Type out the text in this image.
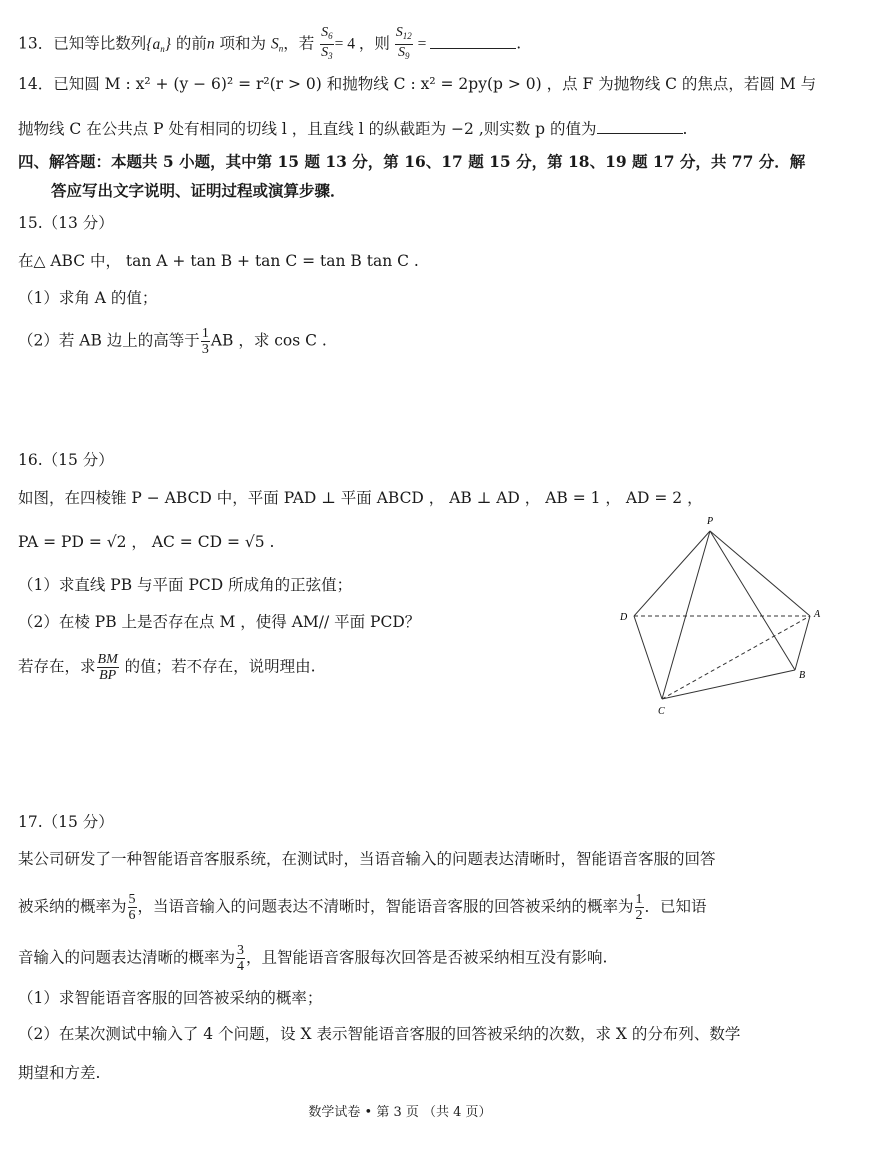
13．已知等比数列$\{a_n\}$ 的前n 项和为 $S_n$，若 $\frac{S_6}{S_3} = 4$ ，则 $\frac{S_{12}}{S_9}$ =	.
14．已知圆 M : x² + (y − 6)² = r²(r > 0) 和抛物线 C : x² = 2py(p > 0) ，点 F 为抛物线 C 的焦点，若圆 M 与
抛物线 C 在公共点 P 处有相同的切线 l ，且直线 l 的纵截距为 −2 ,则实数 p 的值为	.
四、解答题：本题共 5 小题，其中第 15 题 13 分，第 16、17 题 15 分，第 18、19 题 17 分，共 77 分．解
答应写出文字说明、证明过程或演算步骤．
15.（13 分）
在△ ABC 中， tan A + tan B + tan C = tan B tan C .
（1）求角 A 的值；
（2）若 AB 边上的高等于 $\frac{1}{3}$ AB ，求 cos C .
16.（15 分）
如图，在四棱锥 P − ABCD 中，平面 PAD ⊥ 平面 ABCD ， AB ⊥ AD ， AB = 1 ， AD = 2 ，
PA = PD = √2 ， AC = CD = √5 .
（1）求直线 PB 与平面 PCD 所成角的正弦值；
（2）在棱 PB 上是否存在点 M ，使得 AM// 平面 PCD？
若存在，求 $\frac{BM}{BP}$ 的值；若不存在，说明理由.
P
A
B
C
D
17.（15 分）
某公司研发了一种智能语音客服系统，在测试时，当语音输入的问题表达清晰时，智能语音客服的回答
被采纳的概率为 $\frac{5}{6}$ ，当语音输入的问题表达不清晰时，智能语音客服的回答被采纳的概率为 $\frac{1}{2}$ ．已知语
音输入的问题表达清晰的概率为 $\frac{3}{4}$ ，且智能语音客服每次回答是否被采纳相互没有影响.
（1）求智能语音客服的回答被采纳的概率；
（2）在某次测试中输入了 4 个问题，设 X 表示智能语音客服的回答被采纳的次数，求 X 的分布列、数学
期望和方差.
数学试卷 • 第 3 页 （共 4 页）
